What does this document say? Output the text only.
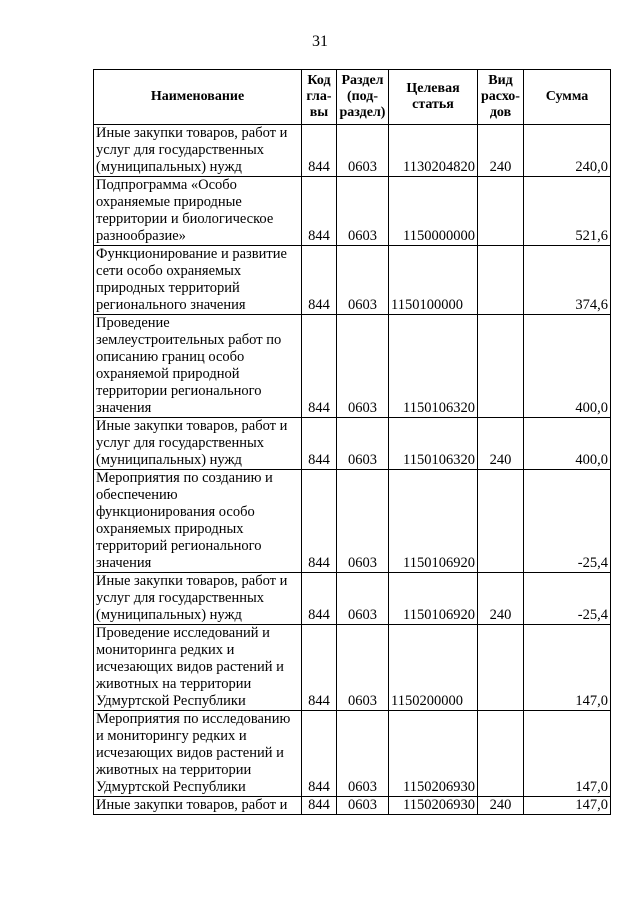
31
Наименование	Код гла- вы	Раздел (под- раздел)	Целевая статья	Вид расхо- дов	Сумма
Иные закупки товаров, работ и услуг для государственных (муниципальных) нужд	844	0603	1130204820	240	240,0
Подпрограмма «Особо охраняемые природные территории и биологическое разнообразие»	844	0603	1150000000		521,6
Функционирование и развитие сети особо охраняемых природных территорий регионального значения	844	0603	1150100000		374,6
Проведение землеустроительных работ по описанию границ особо охраняемой природной территории регионального значения	844	0603	1150106320		400,0
Иные закупки товаров, работ и услуг для государственных (муниципальных) нужд	844	0603	1150106320	240	400,0
Мероприятия по созданию и обеспечению функционирования особо охраняемых природных территорий регионального значения	844	0603	1150106920		-25,4
Иные закупки товаров, работ и услуг для государственных (муниципальных) нужд	844	0603	1150106920	240	-25,4
Проведение исследований и мониторинга редких и исчезающих видов растений и животных на территории Удмуртской Республики	844	0603	1150200000		147,0
Мероприятия по исследованию и мониторингу редких и исчезающих видов растений и животных на территории Удмуртской Республики	844	0603	1150206930		147,0
Иные закупки товаров, работ и	844	0603	1150206930	240	147,0
